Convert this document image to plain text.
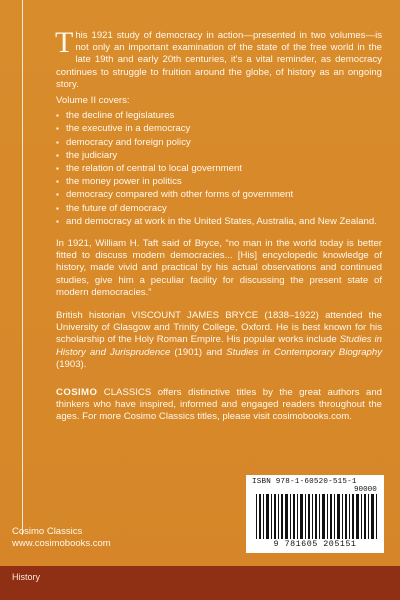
T his 1921 study of democracy in action—presented in two volumes—is not only an important examination of the state of the free world in the late 19th and early 20th centuries, it's a vital reminder, as democracy continues to struggle to fruition around the globe, of history as an ongoing story.

Volume II covers:
▪ the decline of legislatures
▪ the executive in a democracy
▪ democracy and foreign policy
▪ the judiciary
▪ the relation of central to local government
▪ the money power in politics
▪ democracy compared with other forms of government
▪ the future of democracy
▪ and democracy at work in the United States, Australia, and New Zealand.

In 1921, William H. Taft said of Bryce, “no man in the world today is better fitted to discuss modern democracies... [His] encyclopedic knowledge of history, made vivid and practical by his actual observations and continued studies, give him a peculiar facility for discussing the present state of modern democracies.”

British historian VISCOUNT JAMES BRYCE (1838–1922) attended the University of Glasgow and Trinity College, Oxford. He is best known for his scholarship of the Holy Roman Empire. His popular works include Studies in History and Jurisprudence (1901) and Studies in Contemporary Biography (1903).

COSIMO CLASSICS offers distinctive titles by the great authors and thinkers who have inspired, informed and engaged readers throughout the ages. For more Cosimo Classics titles, please visit cosimobooks.com.

ISBN 978-1-60520-515-1
90000
9 781605 205151
Cosimo Classics
www.cosimobooks.com
History
